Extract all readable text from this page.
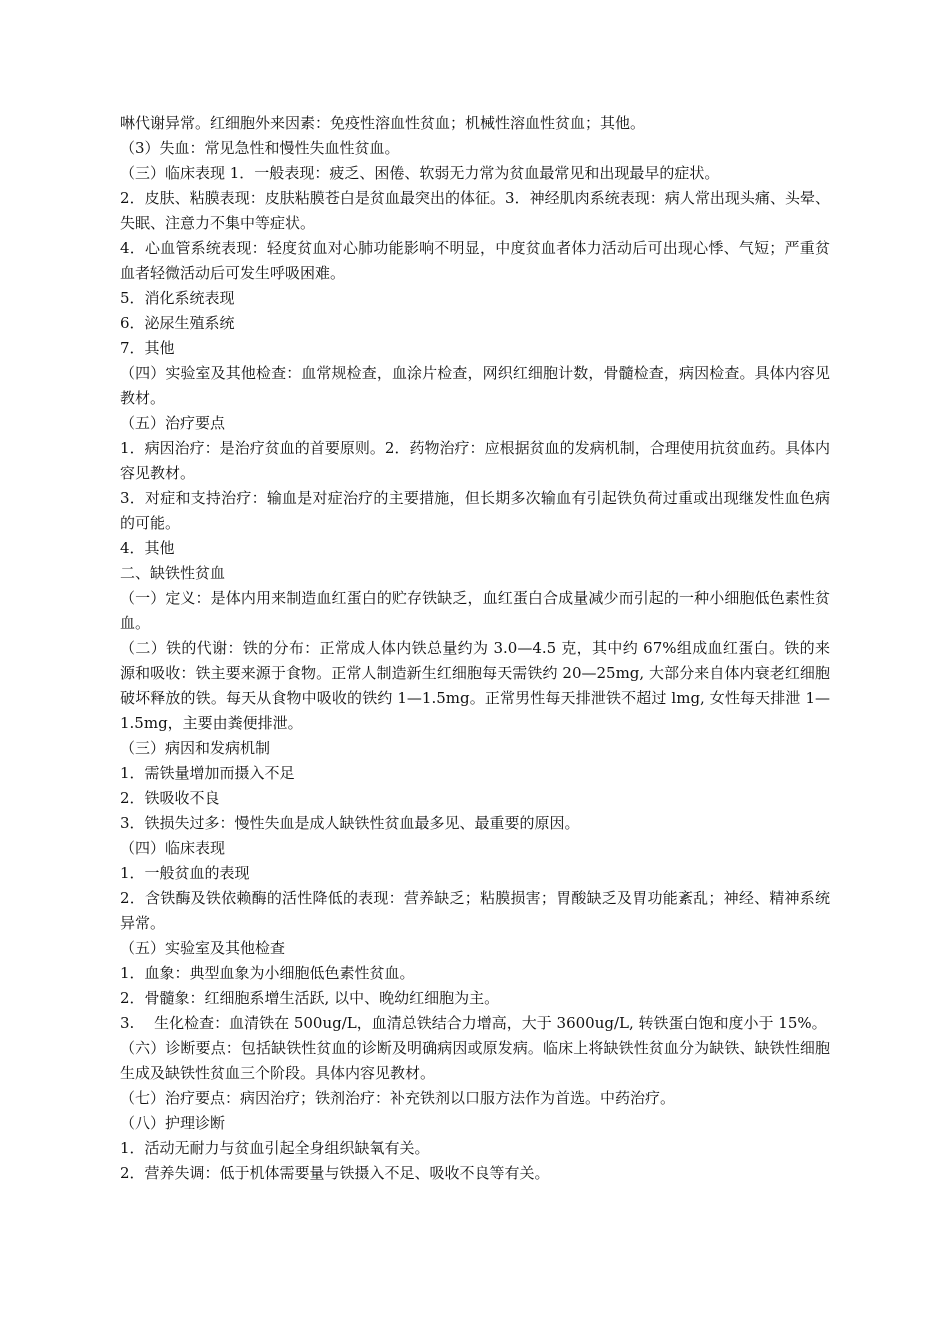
啉代谢异常。红细胞外来因素：免疫性溶血性贫血；机械性溶血性贫血；其他。

（3）失血：常见急性和慢性失血性贫血。

（三）临床表现 1．一般表现：疲乏、困倦、软弱无力常为贫血最常见和出现最早的症状。

2．皮肤、粘膜表现：皮肤粘膜苍白是贫血最突出的体征。3．神经肌肉系统表现：病人常出现头痛、头晕、失眠、注意力不集中等症状。

4．心血管系统表现：轻度贫血对心肺功能影响不明显，中度贫血者体力活动后可出现心悸、气短；严重贫血者轻微活动后可发生呼吸困难。

5．消化系统表现

6．泌尿生殖系统

7．其他

（四）实验室及其他检查：血常规检查，血涂片检查，网织红细胞计数，骨髓检查，病因检查。具体内容见教材。

（五）治疗要点

1．病因治疗：是治疗贫血的首要原则。2．药物治疗：应根据贫血的发病机制，合理使用抗贫血药。具体内容见教材。

3．对症和支持治疗：输血是对症治疗的主要措施，但长期多次输血有引起铁负荷过重或出现继发性血色病的可能。

4．其他

二、缺铁性贫血

（一）定义：是体内用来制造血红蛋白的贮存铁缺乏，血红蛋白合成量减少而引起的一种小细胞低色素性贫血。

（二）铁的代谢：铁的分布：正常成人体内铁总量约为 3.0—4.5 克，其中约 67%组成血红蛋白。铁的来源和吸收：铁主要来源于食物。正常人制造新生红细胞每天需铁约 20—25mg, 大部分来自体内衰老红细胞破坏释放的铁。每天从食物中吸收的铁约 1—1.5mg。正常男性每天排泄铁不超过 lmg, 女性每天排泄 1—1.5mg，主要由粪便排泄。

（三）病因和发病机制

1．需铁量增加而摄入不足

2．铁吸收不良

3．铁损失过多：慢性失血是成人缺铁性贫血最多见、最重要的原因。

（四）临床表现

1．一般贫血的表现

2．含铁酶及铁依赖酶的活性降低的表现：营养缺乏；粘膜损害；胃酸缺乏及胃功能紊乱；神经、精神系统异常。

（五）实验室及其他检查

1．血象：典型血象为小细胞低色素性贫血。

2．骨髓象：红细胞系增生活跃, 以中、晚幼红细胞为主。

3.　 生化检查：血清铁在 500ug/L，血清总铁结合力增高，大于 3600ug/L, 转铁蛋白饱和度小于 15%。

（六）诊断要点：包括缺铁性贫血的诊断及明确病因或原发病。临床上将缺铁性贫血分为缺铁、缺铁性细胞生成及缺铁性贫血三个阶段。具体内容见教材。

（七）治疗要点：病因治疗；铁剂治疗：补充铁剂以口服方法作为首选。中药治疗。

（八）护理诊断

1．活动无耐力与贫血引起全身组织缺氧有关。

2．营养失调：低于机体需要量与铁摄入不足、吸收不良等有关。
